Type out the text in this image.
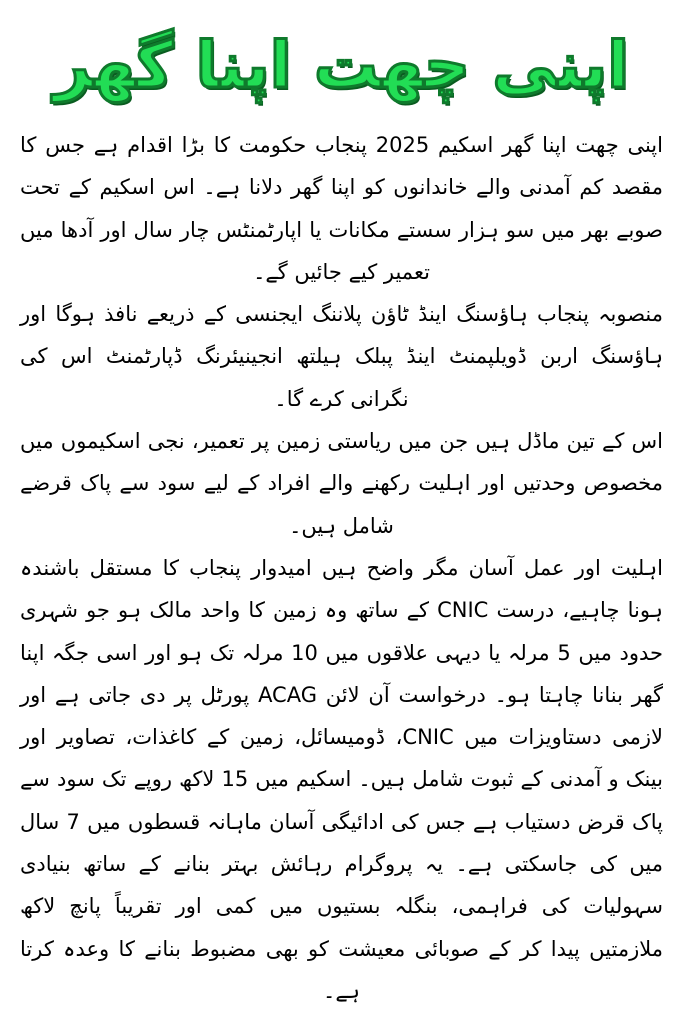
اپنی چھت اپنا گھر

اپنی چھت اپنا گھر اسکیم 2025 پنجاب حکومت کا بڑا اقدام ہے جس کا مقصد کم آمدنی والے خاندانوں کو اپنا گھر دلانا ہے۔ اس اسکیم کے تحت صوبے بھر میں سو ہزار سستے مکانات یا اپارٹمنٹس چار سال اور آدھا میں تعمیر کیے جائیں گے۔

منصوبہ پنجاب ہاؤسنگ اینڈ ٹاؤن پلاننگ ایجنسی کے ذریعے نافذ ہوگا اور ہاؤسنگ اربن ڈویلپمنٹ اینڈ پبلک ہیلتھ انجینیئرنگ ڈپارٹمنٹ اس کی نگرانی کرے گا۔

اس کے تین ماڈل ہیں جن میں ریاستی زمین پر تعمیر، نجی اسکیموں میں مخصوص وحدتیں اور اہلیت رکھنے والے افراد کے لیے سود سے پاک قرضے شامل ہیں۔

اہلیت اور عمل آسان مگر واضح ہیں امیدوار پنجاب کا مستقل باشندہ ہونا چاہیے، درست CNIC کے ساتھ وہ زمین کا واحد مالک ہو جو شہری حدود میں 5 مرلہ یا دیہی علاقوں میں 10 مرلہ تک ہو اور اسی جگہ اپنا گھر بنانا چاہتا ہو۔ درخواست آن لائن ACAG پورٹل پر دی جاتی ہے اور لازمی دستاویزات میں CNIC، ڈومیسائل، زمین کے کاغذات، تصاویر اور بینک و آمدنی کے ثبوت شامل ہیں۔ اسکیم میں 15 لاکھ روپے تک سود سے پاک قرض دستیاب ہے جس کی ادائیگی آسان ماہانہ قسطوں میں 7 سال میں کی جاسکتی ہے۔ یہ پروگرام رہائش بہتر بنانے کے ساتھ بنیادی سہولیات کی فراہمی، بنگلہ بستیوں میں کمی اور تقریباً پانچ لاکھ ملازمتیں پیدا کر کے صوبائی معیشت کو بھی مضبوط بنانے کا وعدہ کرتا ہے۔
